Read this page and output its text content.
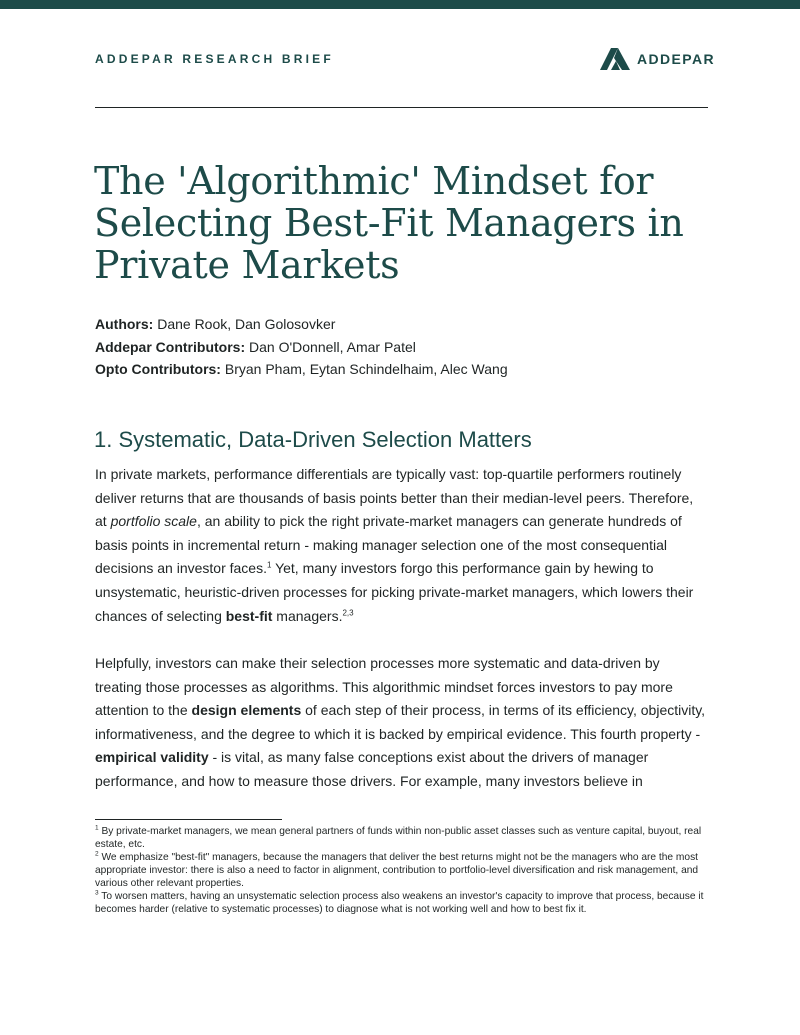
ADDEPAR RESEARCH BRIEF	ADDEPAR
The 'Algorithmic' Mindset for Selecting Best-Fit Managers in Private Markets
Authors: Dane Rook, Dan Golosovker
Addepar Contributors: Dan O'Donnell, Amar Patel
Opto Contributors: Bryan Pham, Eytan Schindelhaim, Alec Wang
1. Systematic, Data-Driven Selection Matters

In private markets, performance differentials are typically vast: top-quartile performers routinely deliver returns that are thousands of basis points better than their median-level peers. Therefore, at portfolio scale, an ability to pick the right private-market managers can generate hundreds of basis points in incremental return - making manager selection one of the most consequential decisions an investor faces.$^1$ Yet, many investors forgo this performance gain by hewing to unsystematic, heuristic-driven processes for picking private-market managers, which lowers their chances of selecting best-fit managers.$^{2,3}$

Helpfully, investors can make their selection processes more systematic and data-driven by treating those processes as algorithms. This algorithmic mindset forces investors to pay more attention to the design elements of each step of their process, in terms of its efficiency, objectivity, informativeness, and the degree to which it is backed by empirical evidence. This fourth property - empirical validity - is vital, as many false conceptions exist about the drivers of manager performance, and how to measure those drivers. For example, many investors believe in

$^1$ By private-market managers, we mean general partners of funds within non-public asset classes such as venture capital, buyout, real estate, etc.

$^2$ We emphasize "best-fit" managers, because the managers that deliver the best returns might not be the managers who are the most appropriate investor: there is also a need to factor in alignment, contribution to portfolio-level diversification and risk management, and various other relevant properties.

$^3$ To worsen matters, having an unsystematic selection process also weakens an investor's capacity to improve that process, because it becomes harder (relative to systematic processes) to diagnose what is not working well and how to best fix it.
